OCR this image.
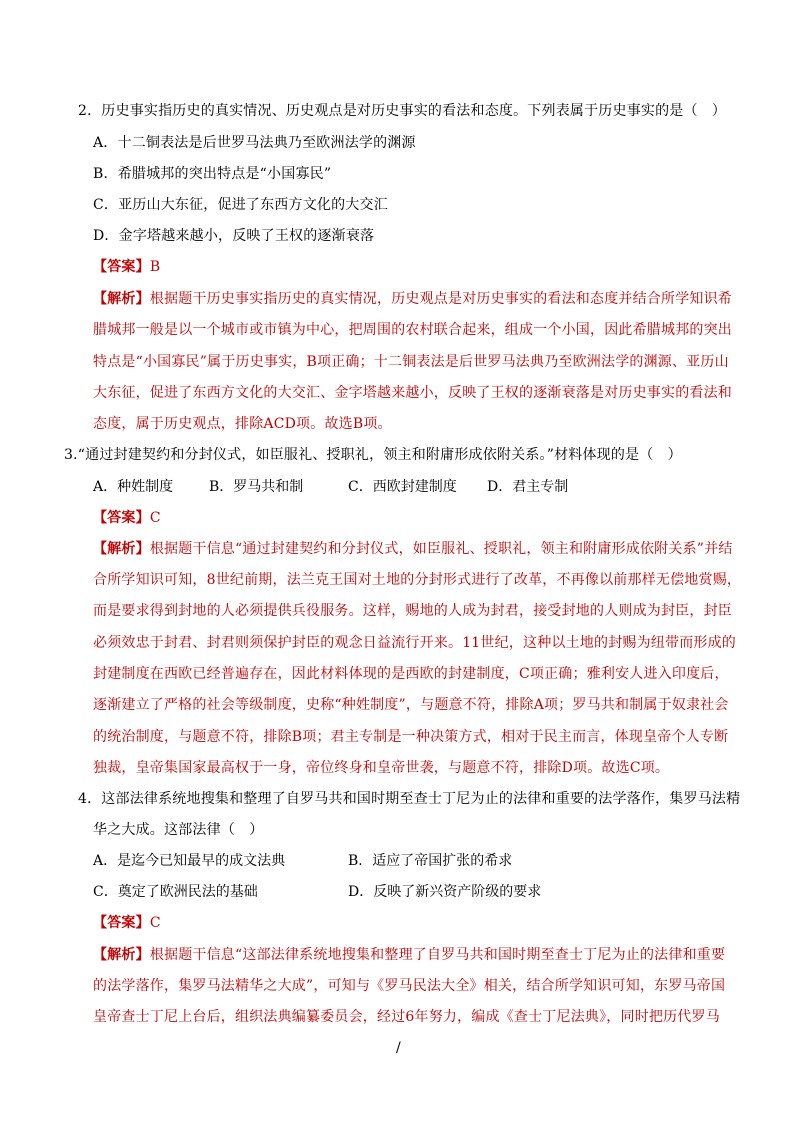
2．历史事实指历史的真实情况、历史观点是对历史事实的看法和态度。下列表属于历史事实的是（　）
A．十二铜表法是后世罗马法典乃至欧洲法学的渊源
B．希腊城邦的突出特点是“小国寡民”
C．亚历山大东征，促进了东西方文化的大交汇
D．金字塔越来越小，反映了王权的逐渐衰落
【答案】B
【解析】根据题干历史事实指历史的真实情况，历史观点是对历史事实的看法和态度并结合所学知识希
腊城邦一般是以一个城市或市镇为中心，把周围的农村联合起来，组成一个小国，因此希腊城邦的突出
特点是“小国寡民”属于历史事实，B项正确；十二铜表法是后世罗马法典乃至欧洲法学的渊源、亚历山
大东征，促进了东西方文化的大交汇、金字塔越来越小，反映了王权的逐渐衰落是对历史事实的看法和
态度，属于历史观点，排除ACD项。故选B项。
3.“通过封建契约和分封仪式，如臣服礼、授职礼，领主和附庸形成依附关系。”材料体现的是（　）
A．种姓制度	B．罗马共和制	C．西欧封建制度 D．君主专制
【答案】C
【解析】根据题干信息“通过封建契约和分封仪式，如臣服礼、授职礼，领主和附庸形成依附关系”并结
合所学知识可知，8世纪前期，法兰克王国对土地的分封形式进行了改革，不再像以前那样无偿地赏赐，
而是要求得到封地的人必须提供兵役服务。这样，赐地的人成为封君，接受封地的人则成为封臣，封臣
必须效忠于封君、封君则须保护封臣的观念日益流行开来。11世纪，这种以土地的封赐为纽带而形成的
封建制度在西欧已经普遍存在，因此材料体现的是西欧的封建制度，C项正确；雅利安人进入印度后，
逐渐建立了严格的社会等级制度，史称“种姓制度”，与题意不符，排除A项；罗马共和制属于奴隶社会
的统治制度，与题意不符，排除B项；君主专制是一种决策方式，相对于民主而言，体现皇帝个人专断
独裁，皇帝集国家最高权于一身，帝位终身和皇帝世袭，与题意不符，排除D项。故选C项。
4．这部法律系统地搜集和整理了自罗马共和国时期至查士丁尼为止的法律和重要的法学落作，集罗马法精
华之大成。这部法律（　）
A．是迄今已知最早的成文法典	B．适应了帝国扩张的希求
C．奠定了欧洲民法的基础	D．反映了新兴资产阶级的要求
【答案】C
【解析】根据题干信息“这部法律系统地搜集和整理了自罗马共和国时期至查士丁尼为止的法律和重要
的法学落作，集罗马法精华之大成”，可知与《罗马民法大全》相关，结合所学知识可知，东罗马帝国
皇帝查士丁尼上台后，组织法典编纂委员会，经过6年努力，编成《查士丁尼法典》，同时把历代罗马
/
